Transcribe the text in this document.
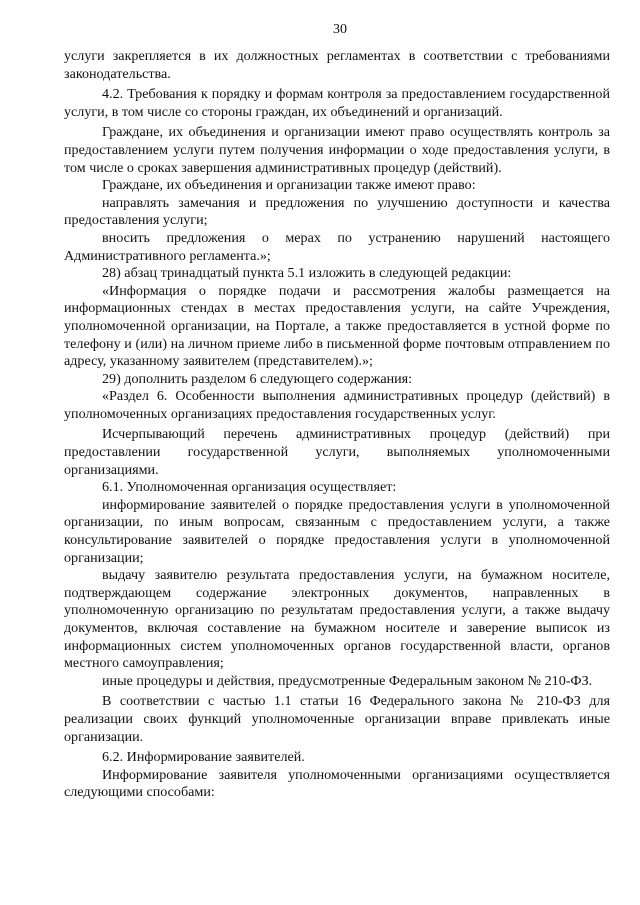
30

услуги закрепляется в их должностных регламентах в соответствии с требованиями законодательства.

4.2. Требования к порядку и формам контроля за предоставлением государственной услуги, в том числе со стороны граждан, их объединений и организаций.

Граждане, их объединения и организации имеют право осуществлять контроль за предоставлением услуги путем получения информации о ходе предоставления услуги, в том числе о сроках завершения административных процедур (действий).

Граждане, их объединения и организации также имеют право:

направлять замечания и предложения по улучшению доступности и качества предоставления услуги;

вносить предложения о мерах по устранению нарушений настоящего Административного регламента.»;

28) абзац тринадцатый пункта 5.1 изложить в следующей редакции:

«Информация о порядке подачи и рассмотрения жалобы размещается на информационных стендах в местах предоставления услуги, на сайте Учреждения, уполномоченной организации, на Портале, а также предоставляется в устной форме по телефону и (или) на личном приеме либо в письменной форме почтовым отправлением по адресу, указанному заявителем (представителем).»;

29) дополнить разделом 6 следующего содержания:

«Раздел 6. Особенности выполнения административных процедур (действий) в уполномоченных организациях предоставления государственных услуг.

Исчерпывающий перечень административных процедур (действий) при предоставлении государственной услуги, выполняемых уполномоченными организациями.

6.1. Уполномоченная организация осуществляет:

информирование заявителей о порядке предоставления услуги в уполномоченной организации, по иным вопросам, связанным с предоставлением услуги, а также консультирование заявителей о порядке предоставления услуги в уполномоченной организации;

выдачу заявителю результата предоставления услуги, на бумажном носителе, подтверждающем содержание электронных документов, направленных в уполномоченную организацию по результатам предоставления услуги, а также выдачу документов, включая составление на бумажном носителе и заверение выписок из информационных систем уполномоченных органов государственной власти, органов местного самоуправления;

иные процедуры и действия, предусмотренные Федеральным законом № 210-ФЗ.

В соответствии с частью 1.1 статьи 16 Федерального закона № 210-ФЗ для реализации своих функций уполномоченные организации вправе привлекать иные организации.

6.2. Информирование заявителей.

Информирование заявителя уполномоченными организациями осуществляется следующими способами:
